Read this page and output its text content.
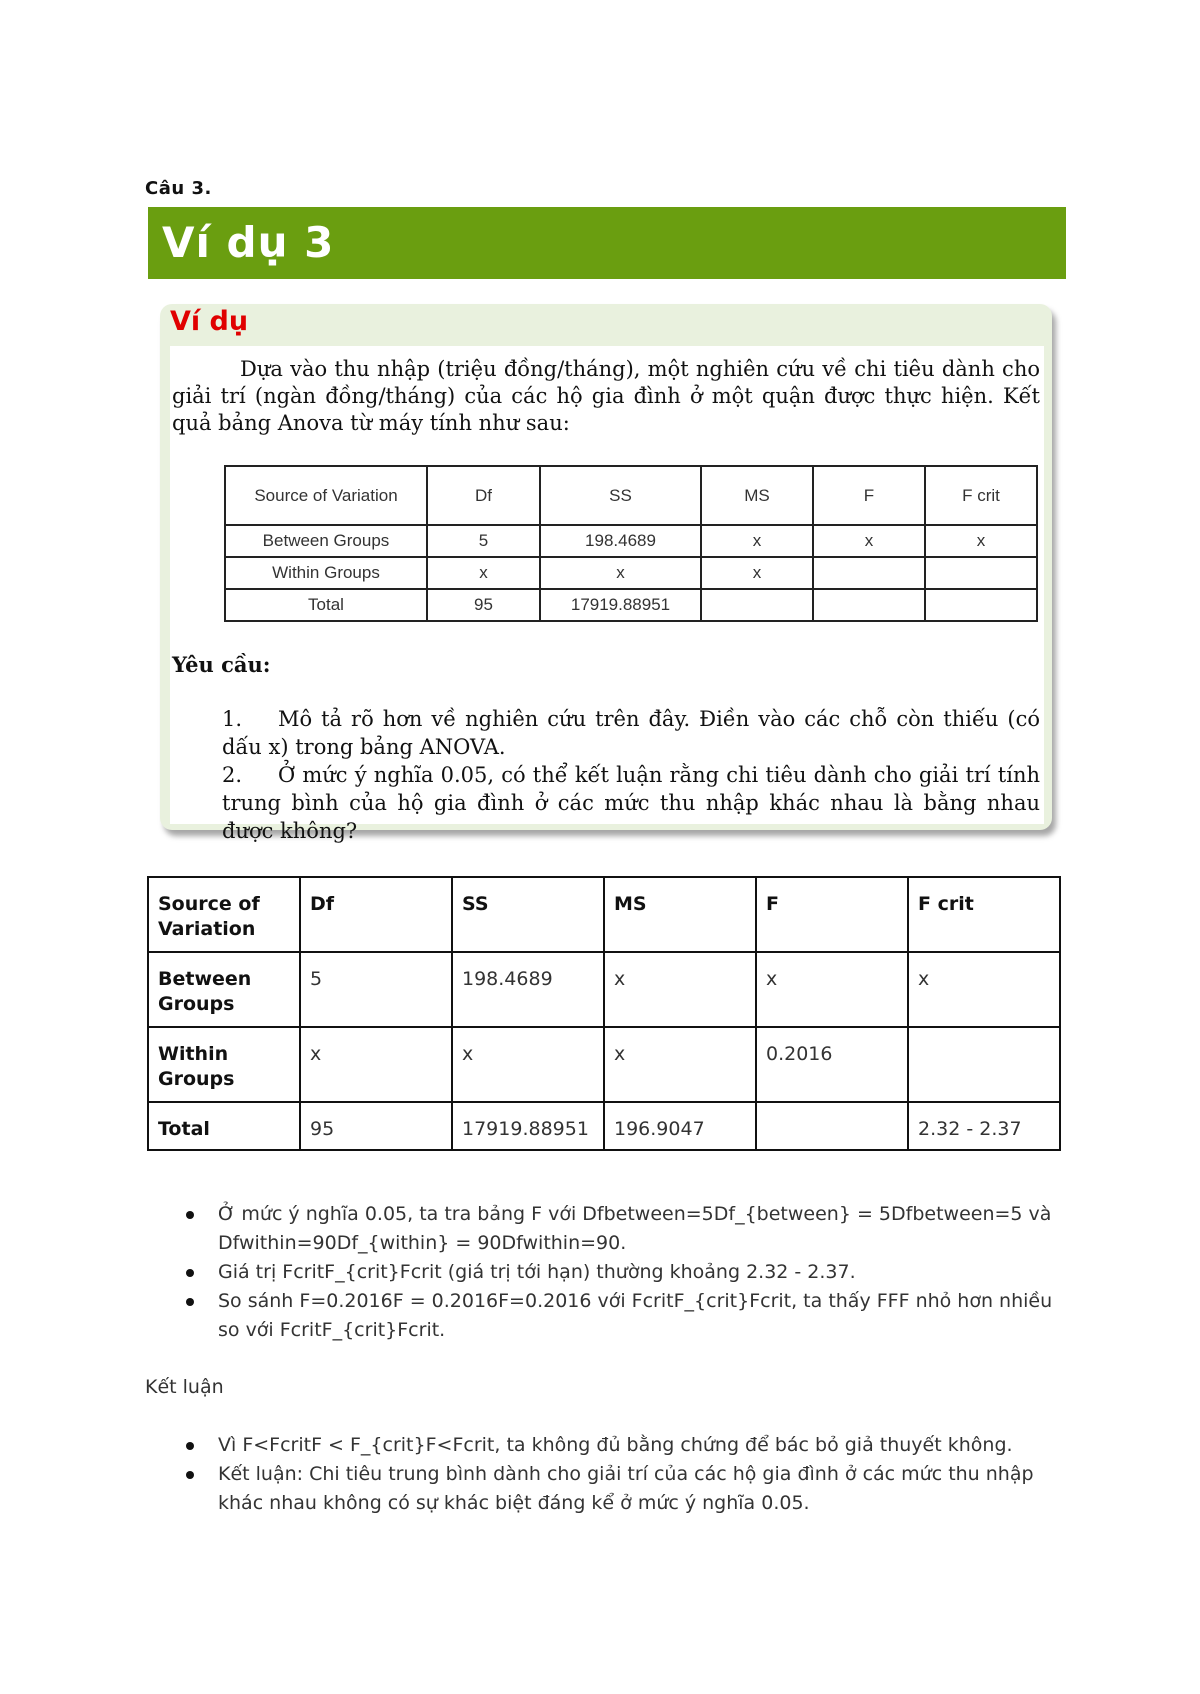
Câu 3.
Ví dụ 3
Ví dụ
Dựa vào thu nhập (triệu đồng/tháng), một nghiên cứu về chi tiêu dành cho giải trí (ngàn đồng/tháng) của các hộ gia đình ở một quận được thực hiện. Kết quả bảng Anova từ máy tính như sau:
Source of Variation	Df	SS	MS	F	F crit
Between Groups	5	198.4689	x	x	x
Within Groups	x	x	x		
Total	95	17919.88951			
Yêu cầu:
1. Mô tả rõ hơn về nghiên cứu trên đây. Điền vào các chỗ còn thiếu (có dấu x) trong bảng ANOVA.
2. Ở mức ý nghĩa 0.05, có thể kết luận rằng chi tiêu dành cho giải trí tính trung bình của hộ gia đình ở các mức thu nhập khác nhau là bằng nhau được không?
Source of Variation	Df	SS	MS	F	F crit
Between Groups	5	198.4689	x	x	x
Within Groups	x	x	x	0.2016	
Total	95	17919.88951	196.9047		2.32 - 2.37
Ở mức ý nghĩa 0.05, ta tra bảng F với Dfbetween=5Df_{between} = 5Dfbetween=5 và Dfwithin=90Df_{within} = 90Dfwithin=90.
Giá trị FcritF_{crit}Fcrit (giá trị tới hạn) thường khoảng 2.32 - 2.37.
So sánh F=0.2016F = 0.2016F=0.2016 với FcritF_{crit}Fcrit, ta thấy FFF nhỏ hơn nhiều so với FcritF_{crit}Fcrit.
Kết luận
Vì F<FcritF < F_{crit}F<Fcrit, ta không đủ bằng chứng để bác bỏ giả thuyết không.
Kết luận: Chi tiêu trung bình dành cho giải trí của các hộ gia đình ở các mức thu nhập khác nhau không có sự khác biệt đáng kể ở mức ý nghĩa 0.05.
